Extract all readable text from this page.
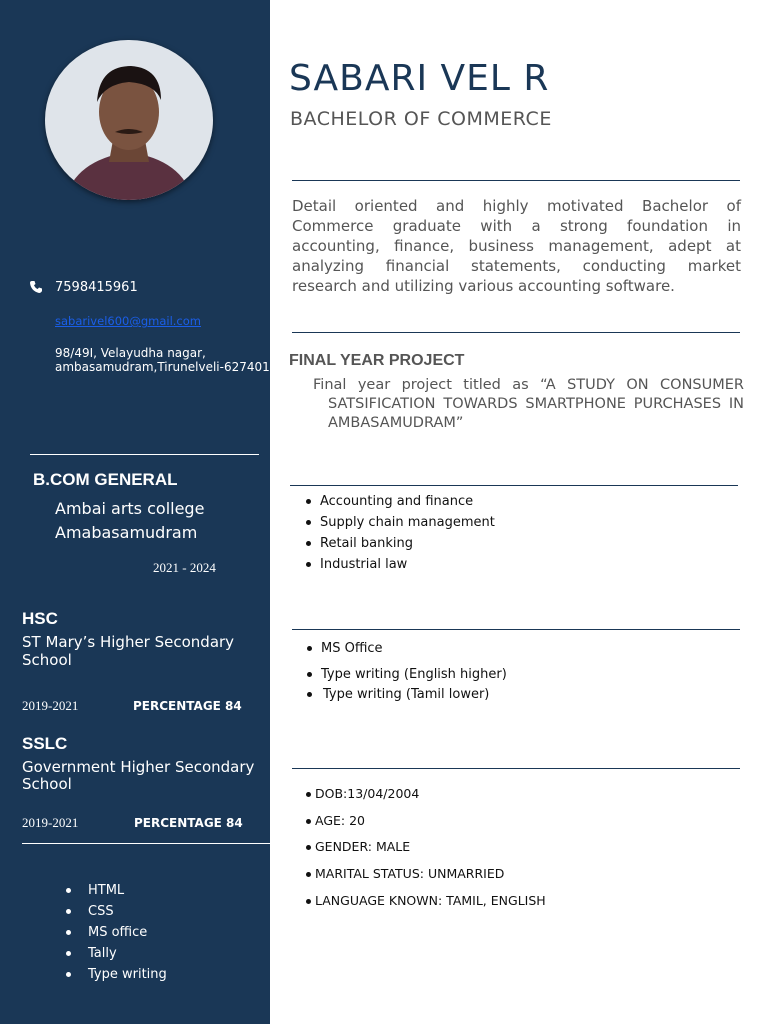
7598415961
sabarivel600@gmail.com
98/49I, Velayudha nagar,
ambasamudram,Tirunelveli-627401
B.COM GENERAL
Ambai arts college
Amabasamudram
2021 - 2024
HSC
ST Mary’s Higher Secondary School
2019-2021	PERCENTAGE 84
SSLC
Government Higher Secondary School
2019-2021	PERCENTAGE 84
HTML
CSS
MS office
Tally
Type writing
SABARI VEL R
BACHELOR OF COMMERCE
Detail oriented and highly motivated Bachelor of Commerce graduate with a strong foundation in accounting, finance, business management, adept at analyzing financial statements, conducting market research and utilizing various accounting software.
FINAL YEAR PROJECT
Final year project titled as “A STUDY ON CONSUMER SATSIFICATION TOWARDS SMARTPHONE PURCHASES IN AMBASAMUDRAM”
Accounting and finance
Supply chain management
Retail banking
Industrial law
MS Office
Type writing (English higher)
Type writing (Tamil lower)
DOB:13/04/2004
AGE: 20
GENDER: MALE
MARITAL STATUS: UNMARRIED
LANGUAGE KNOWN: TAMIL, ENGLISH
